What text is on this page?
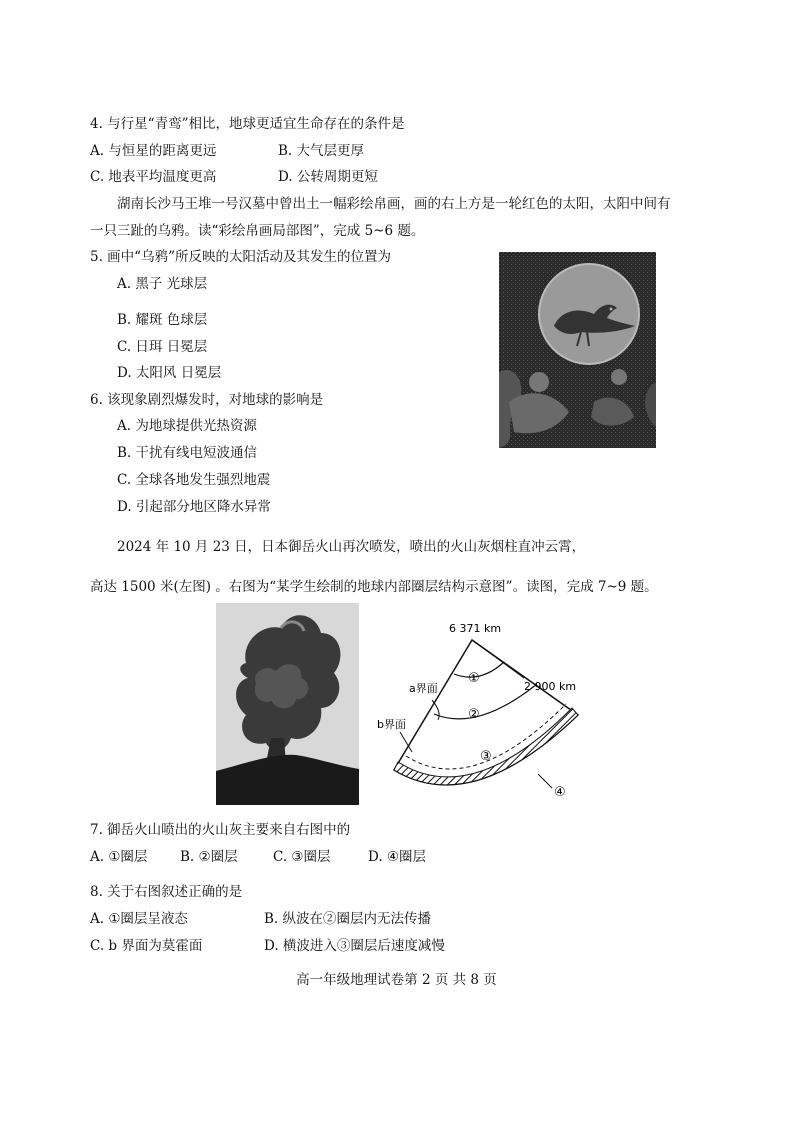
4. 与行星“青鸾”相比，地球更适宜生命存在的条件是
A. 与恒星的距离更远	B. 大气层更厚
C. 地表平均温度更高	D. 公转周期更短
湖南长沙马王堆一号汉墓中曾出土一幅彩绘帛画，画的右上方是一轮红色的太阳，太阳中间有
一只三趾的乌鸦。读“彩绘帛画局部图”，完成 5~6 题。
5. 画中“乌鸦”所反映的太阳活动及其发生的位置为
A. 黑子 光球层
B. 耀斑 色球层
C. 日珥 日冕层
D. 太阳风 日冕层
6. 该现象剧烈爆发时，对地球的影响是
A. 为地球提供光热资源
B. 干扰有线电短波通信
C. 全球各地发生强烈地震
D. 引起部分地区降水异常
2024 年 10 月 23 日，日本御岳火山再次喷发，喷出的火山灰烟柱直冲云霄，
高达 1500 米(左图) 。右图为“某学生绘制的地球内部圈层结构示意图”。读图，完成 7~9 题。
6 371 km
2 900 km
a界面
b界面
①
②
③
④
7. 御岳火山喷出的火山灰主要来自右图中的
A. ①圈层 B. ②圈层	C. ③圈层	D. ④圈层
8. 关于右图叙述正确的是
A. ①圈层呈液态	B. 纵波在②圈层内无法传播
C. b 界面为莫霍面	D. 横波进入③圈层后速度减慢
高一年级地理试卷第 2 页 共 8 页
